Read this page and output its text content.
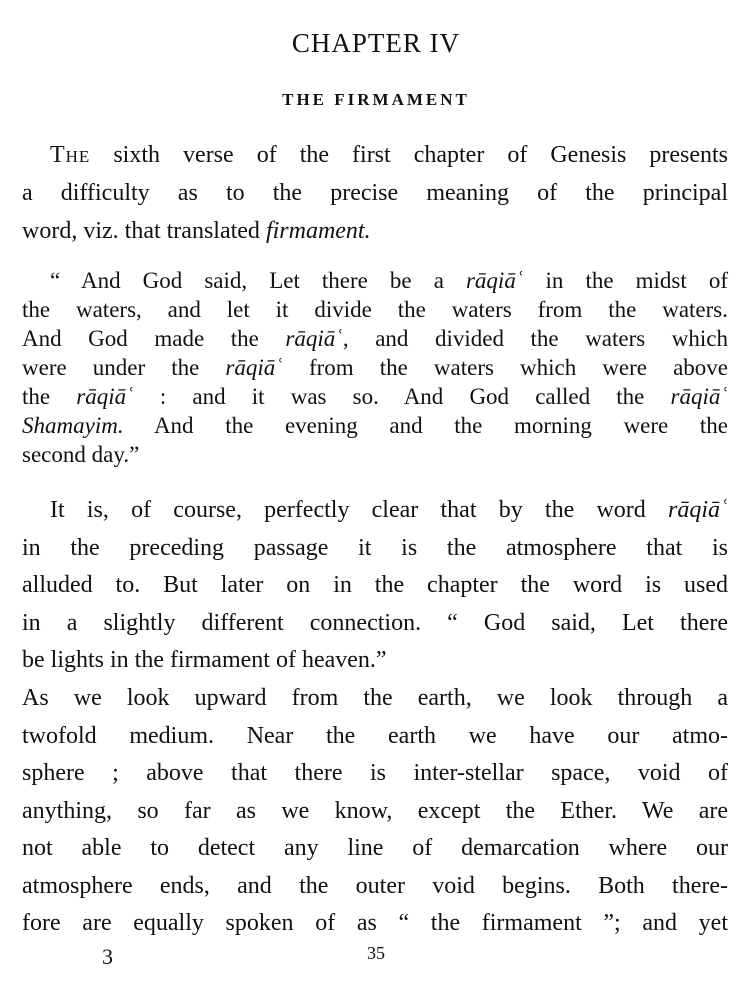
CHAPTER IV
THE FIRMAMENT
The sixth verse of the first chapter of Genesis presents
a difficulty as to the precise meaning of the principal
word, viz. that translated firmament.
“ And God said, Let there be a rāqiāʿ in the midst of
the waters, and let it divide the waters from the waters.
And God made the rāqiāʿ, and divided the waters which
were under the rāqiāʿ from the waters which were above
the rāqiāʿ : and it was so. And God called the rāqiāʿ
Shamayim. And the evening and the morning were the
second day.”
It is, of course, perfectly clear that by the word rāqiāʿ
in the preceding passage it is the atmosphere that is
alluded to. But later on in the chapter the word is used
in a slightly different connection. “ God said, Let there
be lights in the firmament of heaven.”
As we look upward from the earth, we look through a
twofold medium. Near the earth we have our atmo-
sphere ; above that there is inter-stellar space, void of
anything, so far as we know, except the Ether. We are
not able to detect any line of demarcation where our
atmosphere ends, and the outer void begins. Both there-
fore are equally spoken of as “ the firmament ”; and yet
3	35
